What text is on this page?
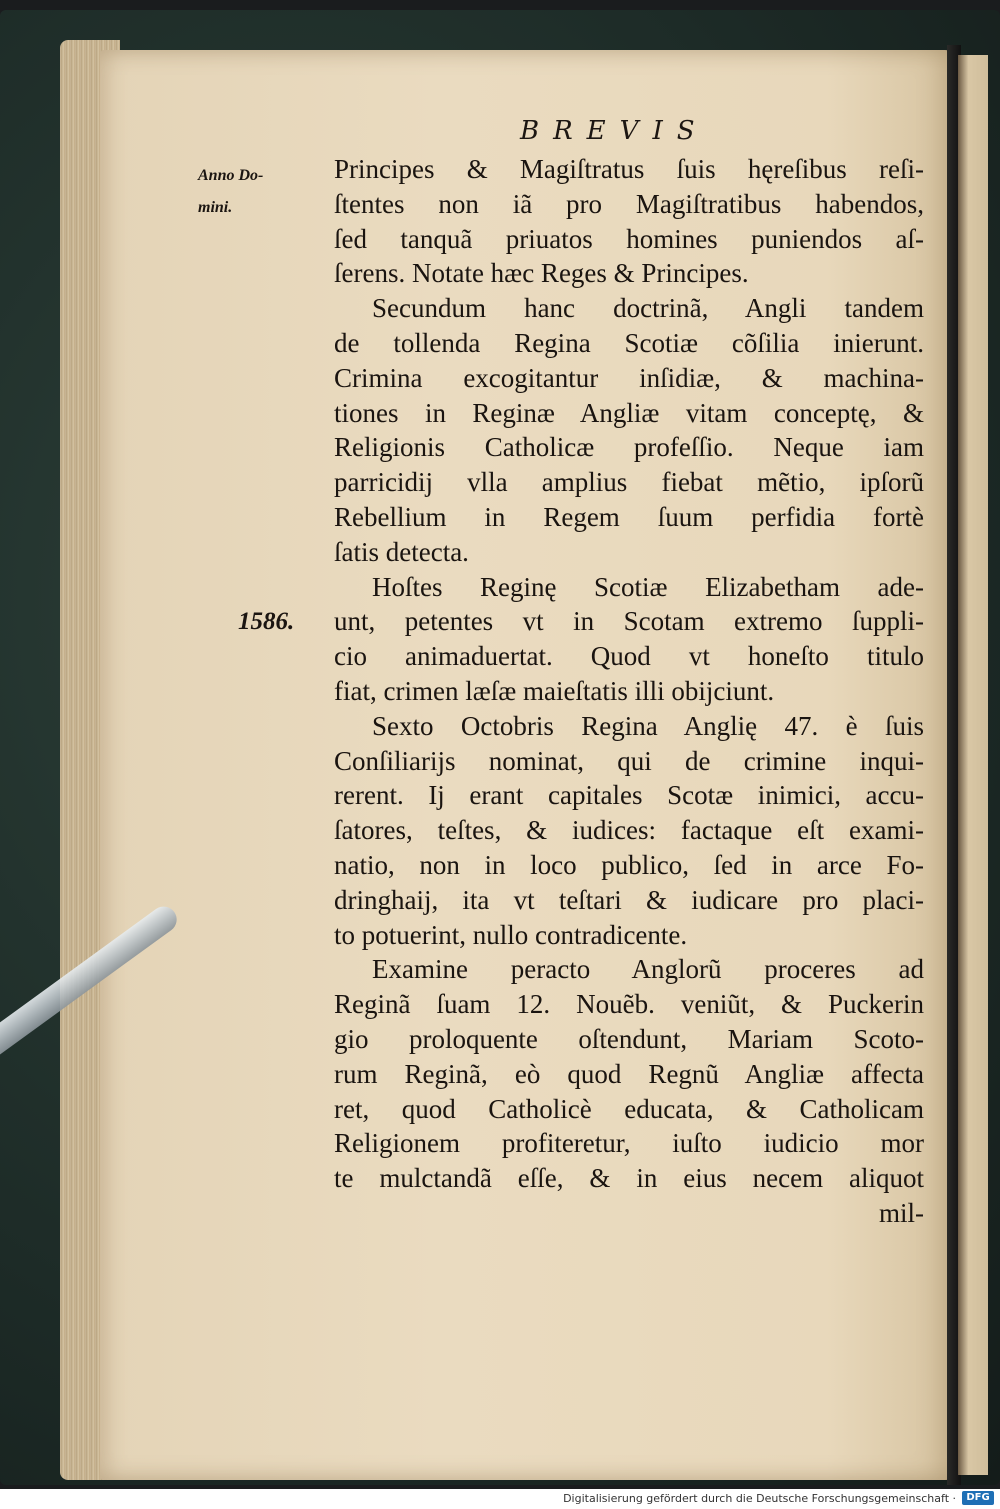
BREVIS
Anno Do-
mini.
1586.
Principes & Magiſtratus ſuis hęreſibus reſi-
ſtentes non iã pro Magiſtratibus habendos,
ſed tanquã priuatos homines puniendos aſ-
ſerens. Notate hæc Reges & Principes.
Secundum hanc doctrinã, Angli tandem
de tollenda Regina Scotiæ cõſilia inierunt.
Crimina excogitantur inſidiæ, & machina-
tiones in Reginæ Angliæ vitam conceptę, &
Religionis Catholicæ profeſſio. Neque iam
parricidij vlla amplius fiebat mẽtio, ipſorũ
Rebellium in Regem ſuum perfidia fortè
ſatis detecta.
Hoſtes Reginę Scotiæ Elizabetham ade-
unt, petentes vt in Scotam extremo ſuppli-
cio animaduertat. Quod vt honeſto titulo
fiat, crimen læſæ maieſtatis illi obijciunt.
Sexto Octobris Regina Anglię 47. è ſuis
Conſiliarijs nominat, qui de crimine inqui-
rerent. Ij erant capitales Scotæ inimici, accu-
ſatores, teſtes, & iudices: factaque eſt exami-
natio, non in loco publico, ſed in arce Fo-
dringhaij, ita vt teſtari & iudicare pro placi-
to potuerint, nullo contradicente.
Examine peracto Anglorũ proceres ad
Reginã ſuam 12. Nouẽb. veniũt, & Puckerin
gio proloquente oſtendunt, Mariam Scoto-
rum Reginã, eò quod Regnũ Angliæ affecta
ret, quod Catholicè educata, & Catholicam
Religionem profiteretur, iuſto iudicio mor
te mulctandã eſſe, & in eius necem aliquot
mil-
Digitalisierung gefördert durch die Deutsche Forschungsgemeinschaft ·	DFG
